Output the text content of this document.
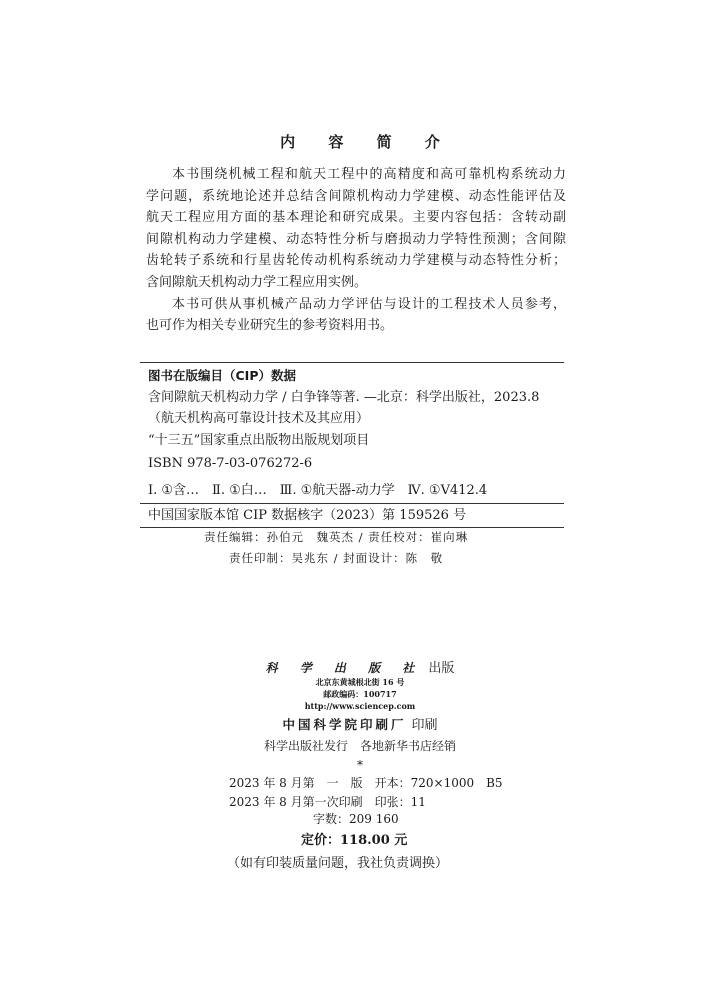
内 容 简 介

本书围绕机械工程和航天工程中的高精度和高可靠机构系统动力

学问题，系统地论述并总结含间隙机构动力学建模、动态性能评估及

航天工程应用方面的基本理论和研究成果。主要内容包括：含转动副

间隙机构动力学建模、动态特性分析与磨损动力学特性预测；含间隙

齿轮转子系统和行星齿轮传动机构系统动力学建模与动态特性分析；

含间隙航天机构动力学工程应用实例。

本书可供从事机械产品动力学评估与设计的工程技术人员参考，

也可作为相关专业研究生的参考资料用书。

图书在版编目（CIP）数据
含间隙航天机构动力学 / 白争锋等著. —北京：科学出版社，2023.8
（航天机构高可靠设计技术及其应用）
“十三五”国家重点出版物出版规划项目
ISBN 978-7-03-076272-6
Ⅰ. ①含…　Ⅱ. ①白…　Ⅲ. ①航天器-动力学　Ⅳ. ①V412.4
中国国家版本馆 CIP 数据核字（2023）第 159526 号
责任编辑：孙伯元　魏英杰 / 责任校对：崔向琳
责任印制：吴兆东 / 封面设计：陈　敬
科 学 出 版 社 出版
北京东黄城根北街 16 号
邮政编码：100717
http://www.sciencep.com
中国科学院印刷厂 印刷
科学出版社发行　各地新华书店经销
*
2023 年 8 月第　一　版　开本：720×1000　B5
2023 年 8 月第一次印刷　印张：11
字数：209 160
定价：118.00 元
（如有印装质量问题，我社负责调换）
